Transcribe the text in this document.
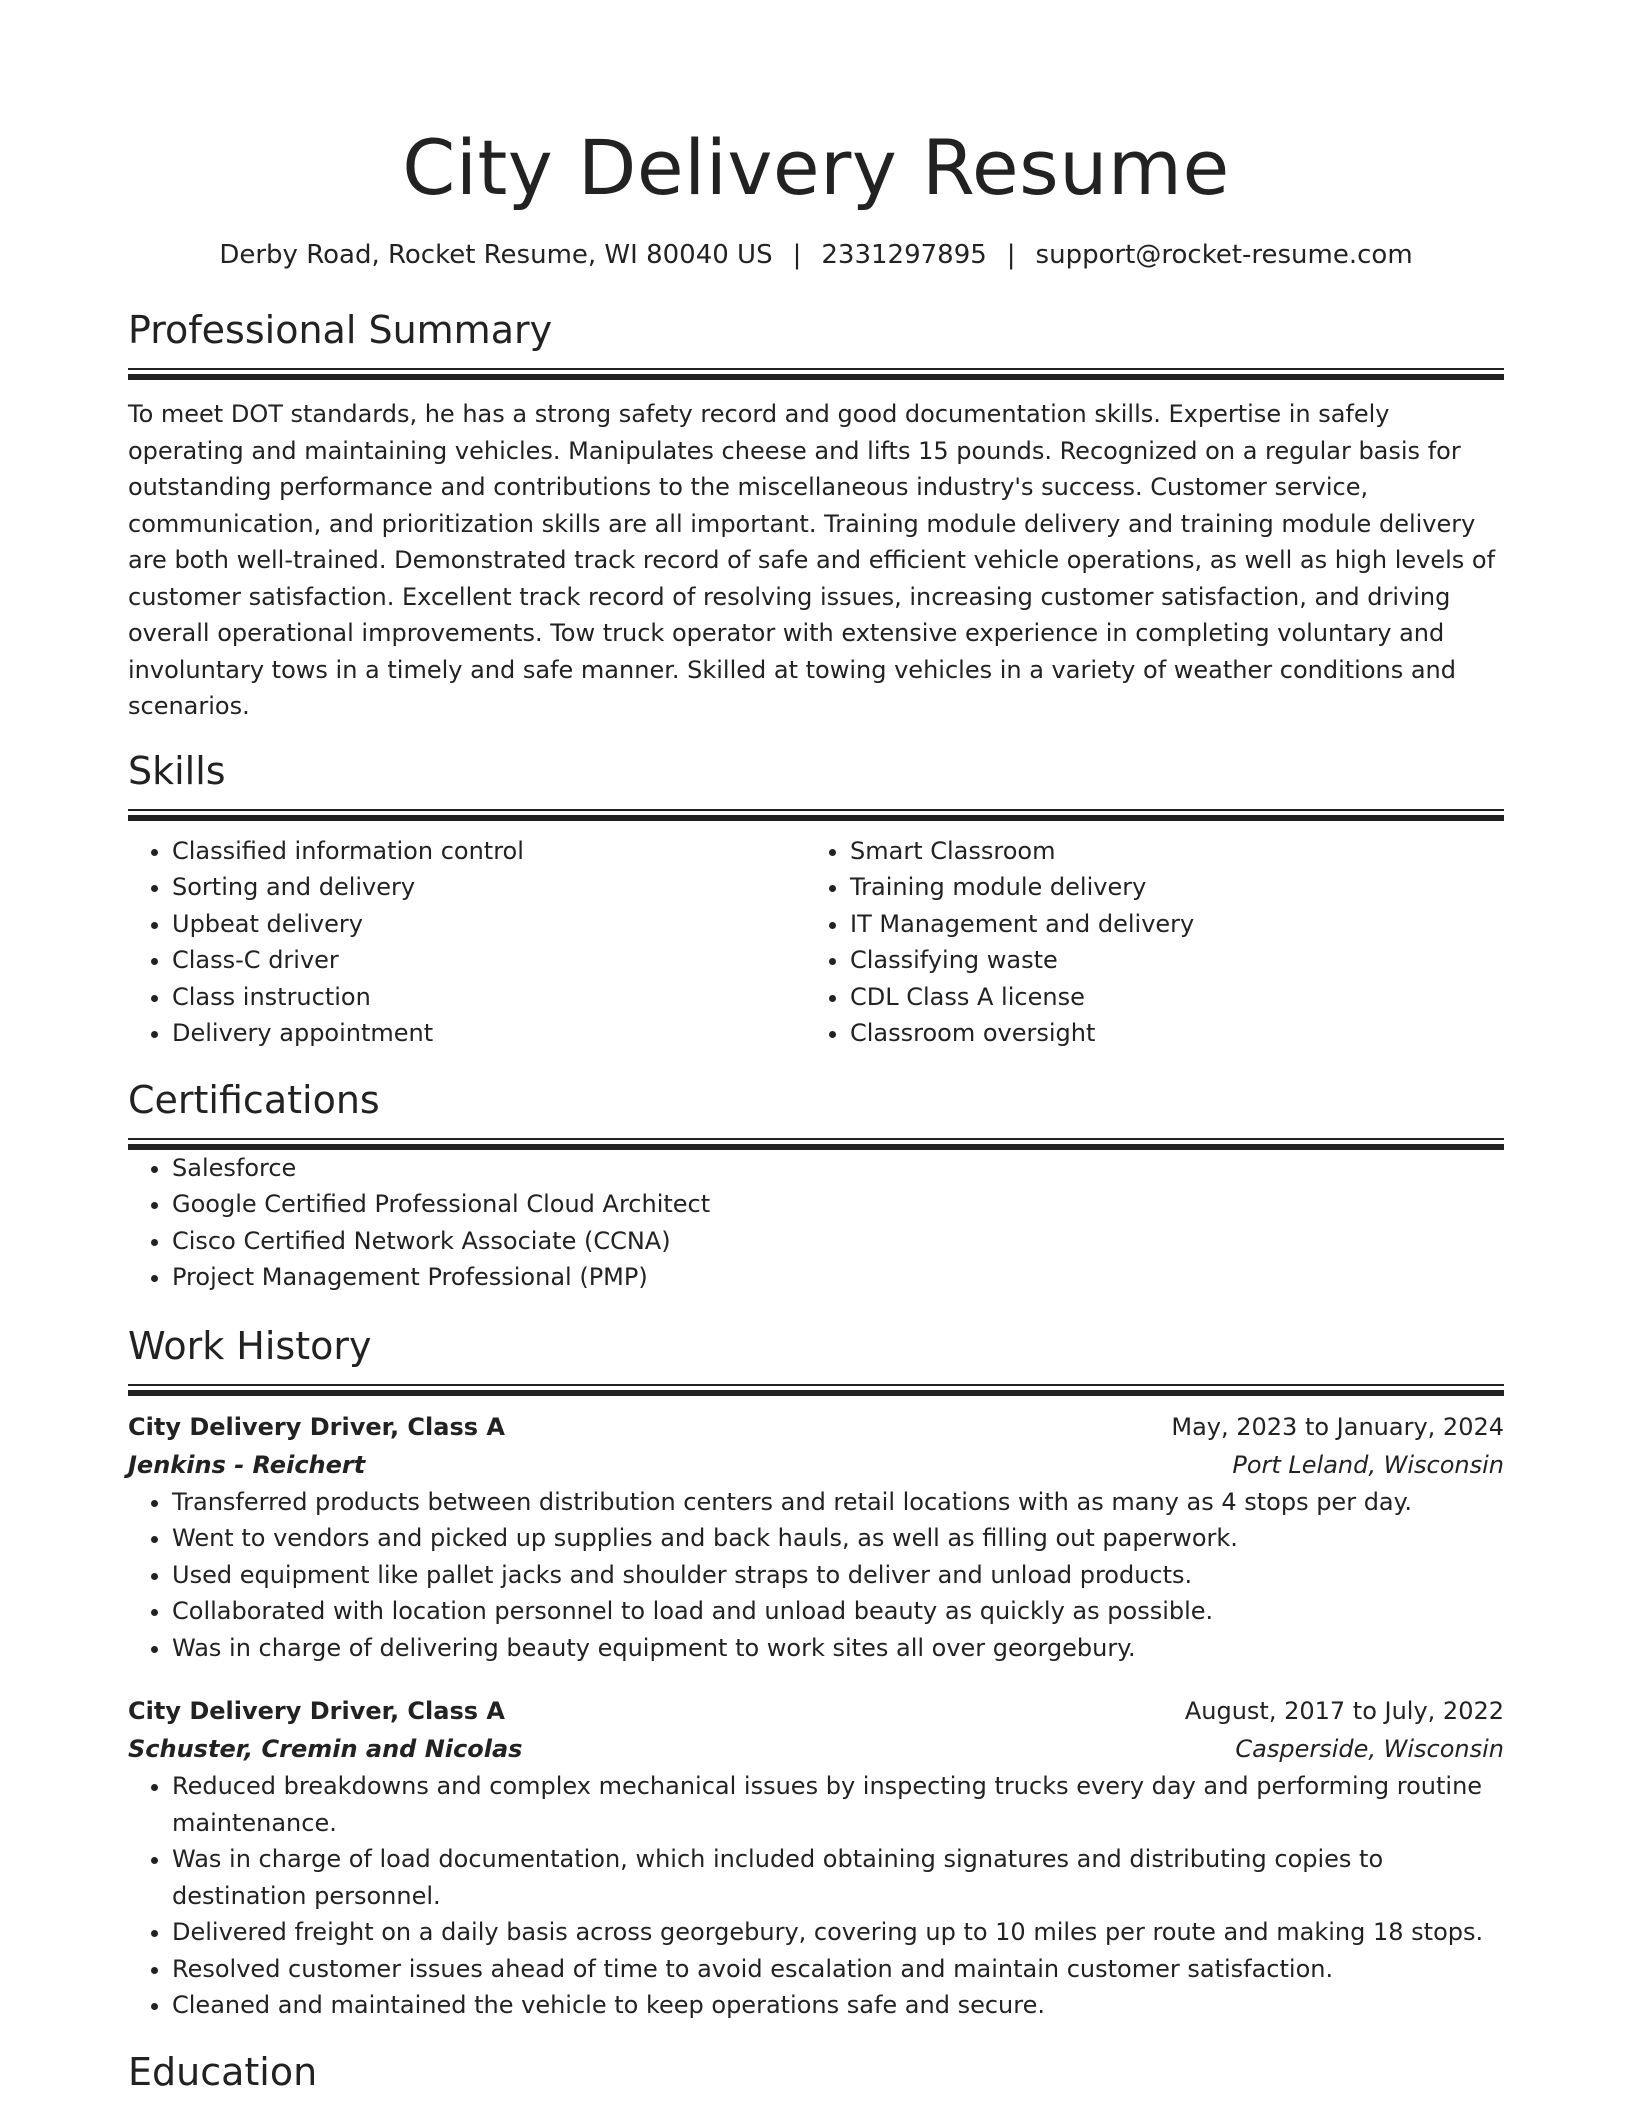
City Delivery Resume
Derby Road, Rocket Resume, WI 80040 US | 2331297895 | support@rocket-resume.com
Professional Summary

To meet DOT standards, he has a strong safety record and good documentation skills. Expertise in safely operating and maintaining vehicles. Manipulates cheese and lifts 15 pounds. Recognized on a regular basis for outstanding performance and contributions to the miscellaneous industry's success. Customer service, communication, and prioritization skills are all important. Training module delivery and training module delivery are both well-trained. Demonstrated track record of safe and efficient vehicle operations, as well as high levels of customer satisfaction. Excellent track record of resolving issues, increasing customer satisfaction, and driving overall operational improvements. Tow truck operator with extensive experience in completing voluntary and involuntary tows in a timely and safe manner. Skilled at towing vehicles in a variety of weather conditions and scenarios.

Skills
• Classified information control
• Sorting and delivery
• Upbeat delivery
• Class-C driver
• Class instruction
• Delivery appointment
• Smart Classroom
• Training module delivery
• IT Management and delivery
• Classifying waste
• CDL Class A license
• Classroom oversight
Certifications
• Salesforce
• Google Certified Professional Cloud Architect
• Cisco Certified Network Associate (CCNA)
• Project Management Professional (PMP)
Work History
City Delivery Driver, Class A	May, 2023 to January, 2024
Jenkins - Reichert	Port Leland, Wisconsin
• Transferred products between distribution centers and retail locations with as many as 4 stops per day.
• Went to vendors and picked up supplies and back hauls, as well as filling out paperwork.
• Used equipment like pallet jacks and shoulder straps to deliver and unload products.
• Collaborated with location personnel to load and unload beauty as quickly as possible.
• Was in charge of delivering beauty equipment to work sites all over georgebury.
City Delivery Driver, Class A	August, 2017 to July, 2022
Schuster, Cremin and Nicolas	Casperside, Wisconsin
• Reduced breakdowns and complex mechanical issues by inspecting trucks every day and performing routine maintenance.
• Was in charge of load documentation, which included obtaining signatures and distributing copies to destination personnel.
• Delivered freight on a daily basis across georgebury, covering up to 10 miles per route and making 18 stops.
• Resolved customer issues ahead of time to avoid escalation and maintain customer satisfaction.
• Cleaned and maintained the vehicle to keep operations safe and secure.
Education
